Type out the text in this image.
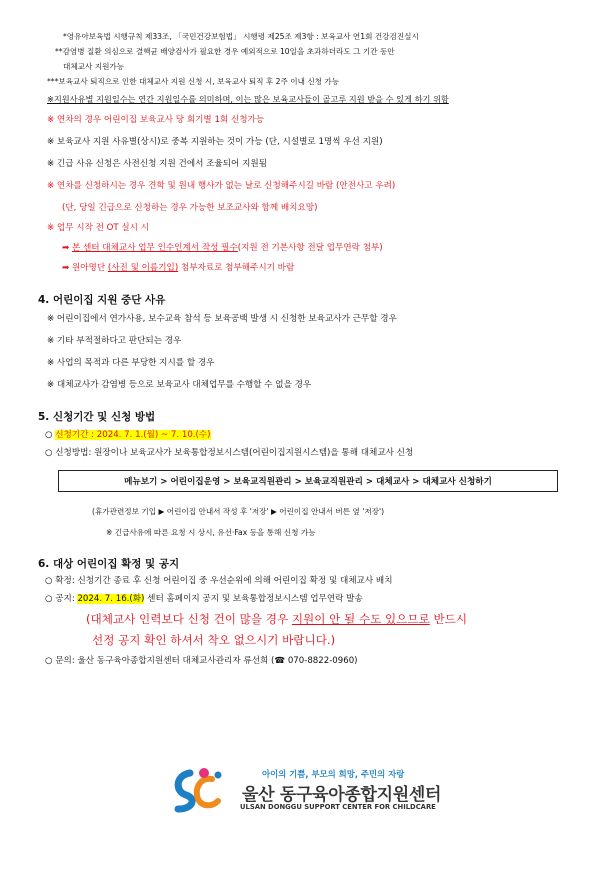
*영유아보육법 시행규칙 제33조, 「국민건강보험법」 시행령 제25조 제3항 : 보육교사 연1회 건강검진실시
**감염병 질환 의심으로 결핵균 배양검사가 필요한 경우 예외적으로 10일을 초과하더라도 그 기간 동안
대체교사 지원가능
***보육교사 퇴직으로 인한 대체교사 지원 신청 시, 보육교사 퇴직 후 2주 이내 신청 가능
※지원사유별 지원일수는 연간 지원일수를 의미하며, 이는 많은 보육교사들이 골고루 지원 받을 수 있게 하기 위함
※ 연차의 경우 어린이집 보육교사 당 회기별 1회 신청가능
※ 보육교사 지원 사유별(상시)로 중복 지원하는 것이 가능 (단, 시설별로 1명씩 우선 지원)
※ 긴급 사유 신청은 사전신청 지원 건에서 조율되어 지원됨
※ 연차를 신청하시는 경우 견학 및 원내 행사가 없는 날로 신청해주시길 바람 (안전사고 우려)
(단, 당일 긴급으로 신청하는 경우 가능한 보조교사와 함께 배치요망)
※ 업무 시작 전 OT 실시 시
➡ 본 센터 대체교사 업무 인수인계서 작성 필수(지원 전 기본사항 전달 업무연락 첨부)
➡ 원아명단 (사진 및 이름기입) 첨부자료로 첨부해주시기 바람
4. 어린이집 지원 중단 사유
※ 어린이집에서 연가사용, 보수교육 참석 등 보육공백 발생 시 신청한 보육교사가 근무할 경우
※ 기타 부적절하다고 판단되는 경우
※ 사업의 목적과 다른 부당한 지시를 할 경우
※ 대체교사가 감염병 등으로 보육교사 대체업무를 수행할 수 없을 경우
5. 신청기간 및 신청 방법
○ 신청기간 : 2024. 7. 1.(월) ~ 7. 10.(수)
○ 신청방법: 원장이나 보육교사가 보육통합정보시스템(어린이집지원시스템)을 통해 대체교사 신청
메뉴보기 > 어린이집운영 > 보육교직원관리 > 보육교직원관리 > 대체교사 > 대체교사 신청하기
(휴가관련정보 기입 ▶ 어린이집 안내서 작성 후 '저장' ▶ 어린이집 안내서 버튼 옆 '저장')
※ 긴급사유에 따른 요청 시 상시, 유선·Fax 등을 통해 신청 가능
6. 대상 어린이집 확정 및 공지
○ 확정: 신청기간 종료 후 신청 어린이집 중 우선순위에 의해 어린이집 확정 및 대체교사 배치
○ 공지: 2024. 7. 16.(화) 센터 홈페이지 공지 및 보육통합정보시스템 업무연락 발송
(대체교사 인력보다 신청 건이 많을 경우 지원이 안 될 수도 있으므로 반드시
선정 공지 확인 하셔서 착오 없으시기 바랍니다.)
○ 문의: 울산 동구육아종합지원센터 대체교사관리자 류선희 (☎ 070-8822-0960)
아이의 기쁨, 부모의 희망, 주민의 자랑
울산 동구육아종합지원센터
ULSAN DONGGU SUPPORT CENTER FOR CHILDCARE
